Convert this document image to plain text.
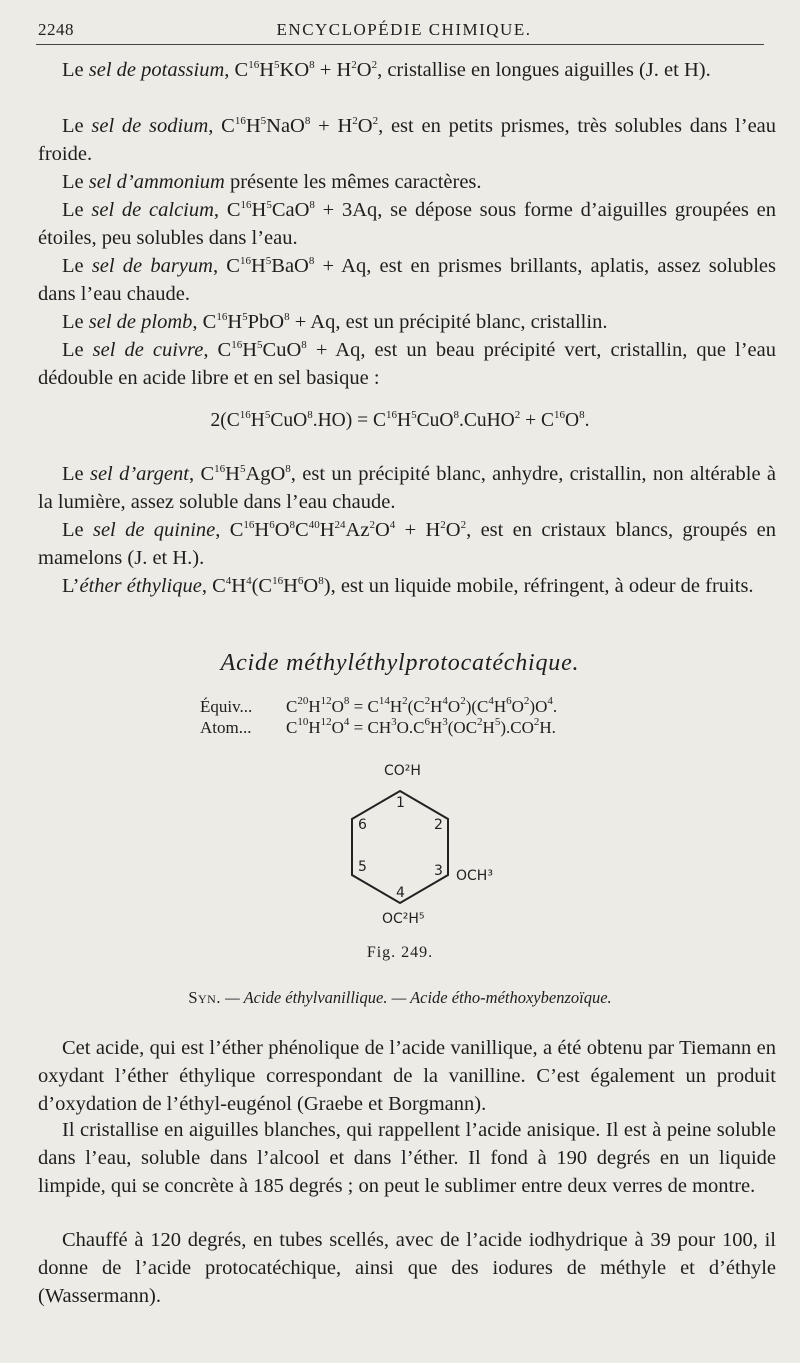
2248	ENCYCLOPÉDIE CHIMIQUE.
Le sel de potassium, $C^{16}H^5KO^8 + H^2O^2$, cristallise en longues aiguilles (J. et H).
Le sel de sodium, $C^{16}H^5NaO^8 + H^2O^2$, est en petits prismes, très solubles dans l’eau froide.
Le sel d’ammonium présente les mêmes caractères.
Le sel de calcium, $C^{16}H^5CaO^8 + 3Aq$, se dépose sous forme d’aiguilles groupées en étoiles, peu solubles dans l’eau.
Le sel de baryum, $C^{16}H^5BaO^8 + Aq$, est en prismes brillants, aplatis, assez solubles dans l’eau chaude.
Le sel de plomb, $C^{16}H^5PbO^8 + Aq$, est un précipité blanc, cristallin.
Le sel de cuivre, $C^{16}H^5CuO^8 + Aq$, est un beau précipité vert, cristallin, que l’eau dédouble en acide libre et en sel basique :
$2(C^{16}H^5CuO^8.HO)$ = $C^{16}H^5CuO^8.CuHO^2 + C^{16}O^8$.
Le sel d’argent, $C^{16}H^5AgO^8$, est un précipité blanc, anhydre, cristallin, non altérable à la lumière, assez soluble dans l’eau chaude.
Le sel de quinine, $C^{16}H^6O^8C^{40}H^{24}Az^2O^4 + H^2O^2$, est en cristaux blancs, groupés en mamelons (J. et H.).
L’éther éthylique, $C^4H^4(C^{16}H^6O^8)$, est un liquide mobile, réfringent, à odeur de fruits.
Acide méthyléthylprotocatéchique.
Équiv... $C^{20}H^{12}O^8 = C^{14}H^2(C^2H^4O^2)(C^4H^6O^2)O^4$.
Atom... $C^{10}H^{12}O^4 = CH^3O.C^6H^3(OC^2H^5).CO^2H$.
CO²H
OCH³
OC²H⁵
1
2
3
4
5
6
Fig. 249.
Syn. — Acide éthylvanillique. — Acide étho-méthoxybenzoïque.
Cet acide, qui est l’éther phénolique de l’acide vanillique, a été obtenu par Tiemann en oxydant l’éther éthylique correspondant de la vanilline. C’est également un produit d’oxydation de l’éthyl-eugénol (Graebe et Borgmann).
Il cristallise en aiguilles blanches, qui rappellent l’acide anisique. Il est à peine soluble dans l’eau, soluble dans l’alcool et dans l’éther. Il fond à 190 degrés en un liquide limpide, qui se concrète à 185 degrés ; on peut le sublimer entre deux verres de montre.
Chauffé à 120 degrés, en tubes scellés, avec de l’acide iodhydrique à 39 pour 100, il donne de l’acide protocatéchique, ainsi que des iodures de méthyle et d’éthyle (Wassermann).
